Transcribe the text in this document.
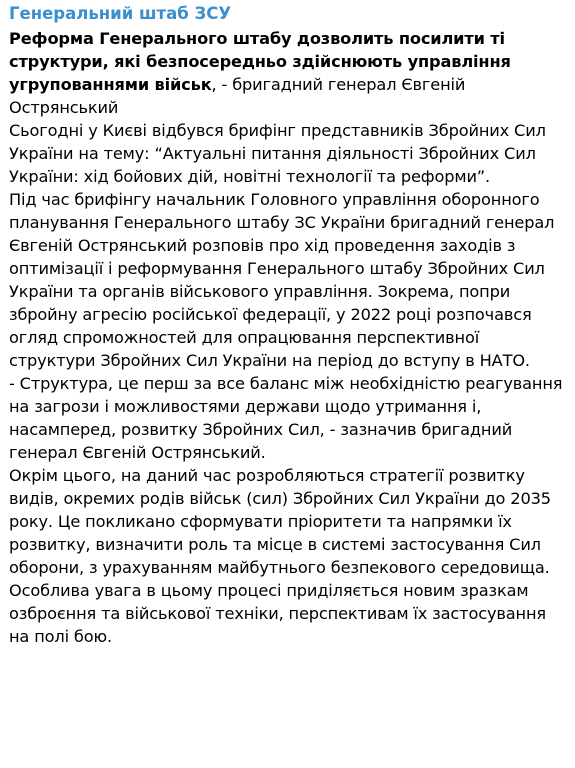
Генеральний штаб ЗСУ
Реформа Генерального штабу дозволить посилити ті
структури, які безпосередньо здійснюють управління
угрупованнями військ, - бригадний генерал Євгеній
Острянський
Сьогодні у Києві відбувся брифінг представників Збройних Сил
України на тему: “Актуальні питання діяльності Збройних Сил
України: хід бойових дій, новітні технології та реформи”.
Під час брифінгу начальник Головного управління оборонного
планування Генерального штабу ЗС України бригадний генерал
Євгеній Острянський розповів про хід проведення заходів з
оптимізації і реформування Генерального штабу Збройних Сил
України та органів військового управління. Зокрема, попри
збройну агресію російської федерації, у 2022 році розпочався
огляд спроможностей для опрацювання перспективної
структури Збройних Сил України на період до вступу в НАТО.
- Структура, це перш за все баланс між необхідністю реагування
на загрози і можливостями держави щодо утримання і,
насамперед, розвитку Збройних Сил, - зазначив бригадний
генерал Євгеній Острянський.
Окрім цього, на даний час розробляються стратегії розвитку
видів, окремих родів військ (сил) Збройних Сил України до 2035
року. Це покликано сформувати пріоритети та напрямки їх
розвитку, визначити роль та місце в системі застосування Сил
оборони, з урахуванням майбутнього безпекового середовища.
Особлива увага в цьому процесі приділяється новим зразкам
озброєння та військової техніки, перспективам їх застосування
на полі бою.
